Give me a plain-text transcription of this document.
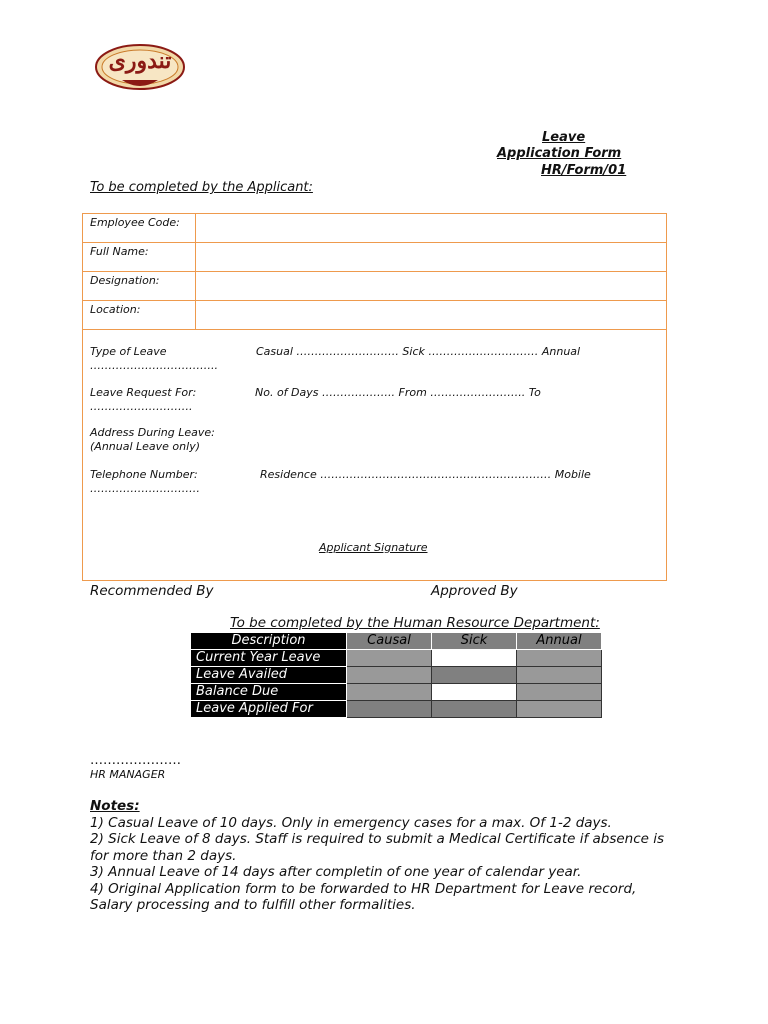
تندوری
Leave
Application Form
HR/Form/01
To be completed by the Applicant:
Employee Code:
Full Name:
Designation:
Location:
Type of Leave	Casual ………………………. Sick ………………………… Annual
……………………………..
Leave Request For:	No. of Days ……………….. From …………………….. To
……………………….
Address During Leave:
(Annual Leave only)
Telephone Number:	Residence ……………………………………………………… Mobile
…………………………
Applicant Signature
Recommended By	Approved By
To be completed by the Human Resource Department:
Description	Causal	Sick	Annual
Current Year Leave			
Leave Availed			
Balance Due			
Leave Applied For			
…………………
HR MANAGER
Notes:
1) Casual Leave of 10 days. Only in emergency cases for a max. Of 1-2 days.
2) Sick Leave of 8 days. Staff is required to submit a Medical Certificate if absence is for more than 2 days.
3) Annual Leave of 14 days after completin of one year of calendar year.
4) Original Application form to be forwarded to HR Department for Leave record, Salary processing and to fulfill other formalities.
